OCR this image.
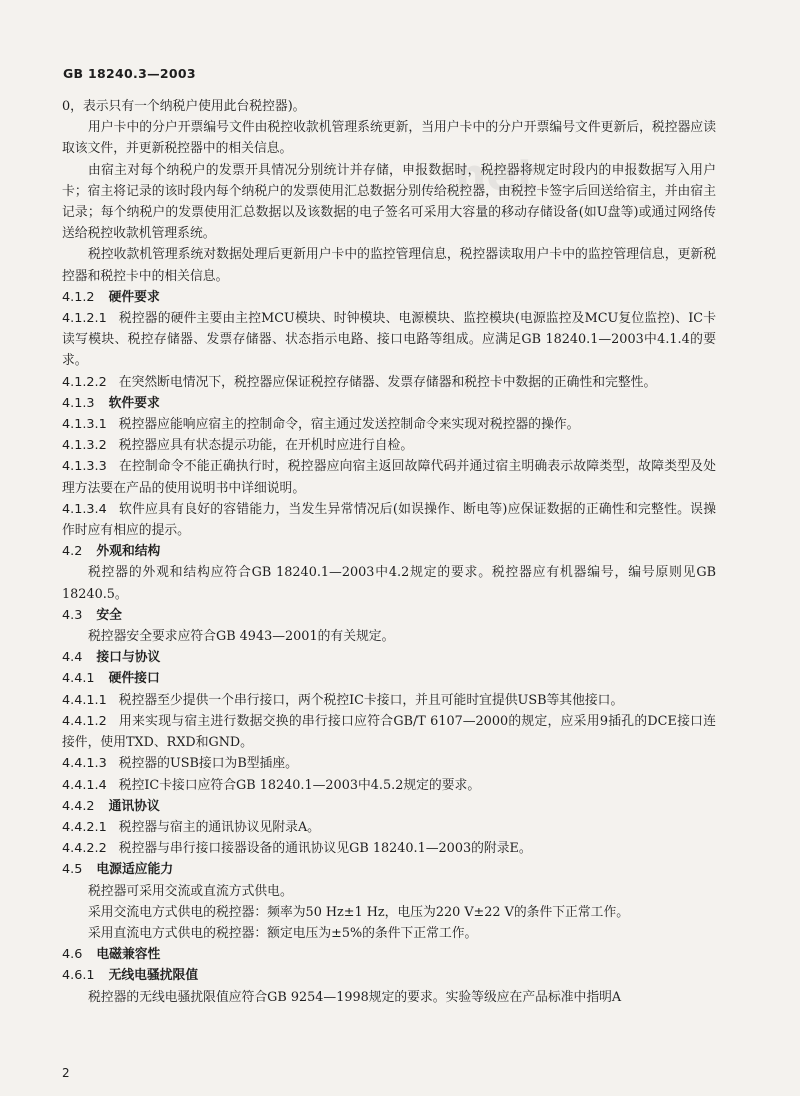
net
GB 18240.3—2003

0，表示只有一个纳税户使用此台税控器)。

用户卡中的分户开票编号文件由税控收款机管理系统更新，当用户卡中的分户开票编号文件更新后，税控器应读取该文件，并更新税控器中的相关信息。

由宿主对每个纳税户的发票开具情况分别统计并存储，申报数据时，税控器将规定时段内的申报数据写入用户卡；宿主将记录的该时段内每个纳税户的发票使用汇总数据分别传给税控器，由税控卡签字后回送给宿主，并由宿主记录；每个纳税户的发票使用汇总数据以及该数据的电子签名可采用大容量的移动存储设备(如U盘等)或通过网络传送给税控收款机管理系统。

税控收款机管理系统对数据处理后更新用户卡中的监控管理信息，税控器读取用户卡中的监控管理信息，更新税控器和税控卡中的相关信息。

4.1.2 硬件要求

4.1.2.1 税控器的硬件主要由主控MCU模块、时钟模块、电源模块、监控模块(电源监控及MCU复位监控)、IC卡读写模块、税控存储器、发票存储器、状态指示电路、接口电路等组成。应满足GB 18240.1—2003中4.1.4的要求。

4.1.2.2 在突然断电情况下，税控器应保证税控存储器、发票存储器和税控卡中数据的正确性和完整性。

4.1.3 软件要求

4.1.3.1 税控器应能响应宿主的控制命令，宿主通过发送控制命令来实现对税控器的操作。

4.1.3.2 税控器应具有状态提示功能，在开机时应进行自检。

4.1.3.3 在控制命令不能正确执行时，税控器应向宿主返回故障代码并通过宿主明确表示故障类型，故障类型及处理方法要在产品的使用说明书中详细说明。

4.1.3.4 软件应具有良好的容错能力，当发生异常情况后(如误操作、断电等)应保证数据的正确性和完整性。误操作时应有相应的提示。

4.2 外观和结构

税控器的外观和结构应符合GB 18240.1—2003中4.2规定的要求。税控器应有机器编号，编号原则见GB 18240.5。

4.3 安全

税控器安全要求应符合GB 4943—2001的有关规定。

4.4 接口与协议
4.4.1 硬件接口

4.4.1.1 税控器至少提供一个串行接口，两个税控IC卡接口，并且可能时宜提供USB等其他接口。

4.4.1.2 用来实现与宿主进行数据交换的串行接口应符合GB/T 6107—2000的规定，应采用9插孔的DCE接口连接件，使用TXD、RXD和GND。

4.4.1.3 税控器的USB接口为B型插座。

4.4.1.4 税控IC卡接口应符合GB 18240.1—2003中4.5.2规定的要求。

4.4.2 通讯协议

4.4.2.1 税控器与宿主的通讯协议见附录A。

4.4.2.2 税控器与串行接口接器设备的通讯协议见GB 18240.1—2003的附录E。

4.5 电源适应能力

税控器可采用交流或直流方式供电。

采用交流电方式供电的税控器：频率为50 Hz±1 Hz，电压为220 V±22 V的条件下正常工作。

采用直流电方式供电的税控器：额定电压为±5%的条件下正常工作。

4.6 电磁兼容性
4.6.1 无线电骚扰限值

税控器的无线电骚扰限值应符合GB 9254—1998规定的要求。实验等级应在产品标准中指明A

2
